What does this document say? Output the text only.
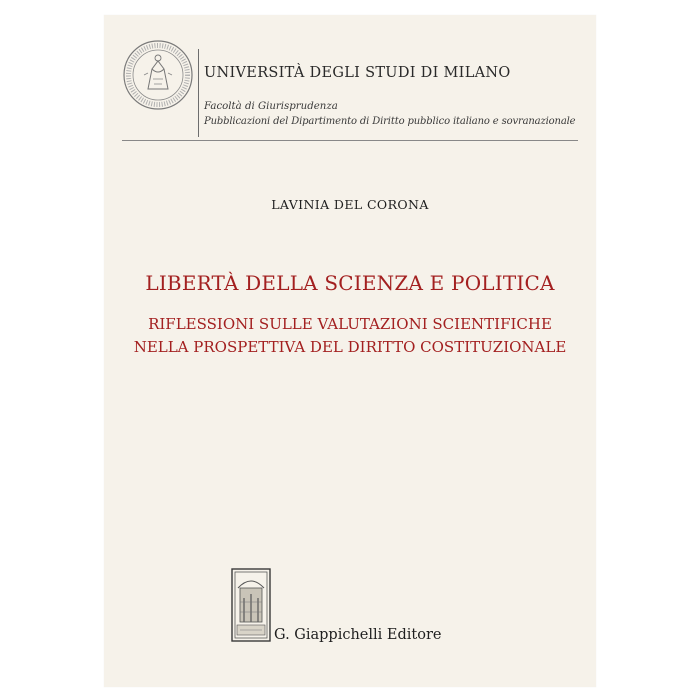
UNIVERSITÀ DEGLI STUDI DI MILANO
Facoltà di Giurisprudenza
Pubblicazioni del Dipartimento di Diritto pubblico italiano e sovranazionale
LAVINIA DEL CORONA
LIBERTÀ DELLA SCIENZA E POLITICA
RIFLESSIONI SULLE VALUTAZIONI SCIENTIFICHE
NELLA PROSPETTIVA DEL DIRITTO COSTITUZIONALE
G. Giappichelli Editore
